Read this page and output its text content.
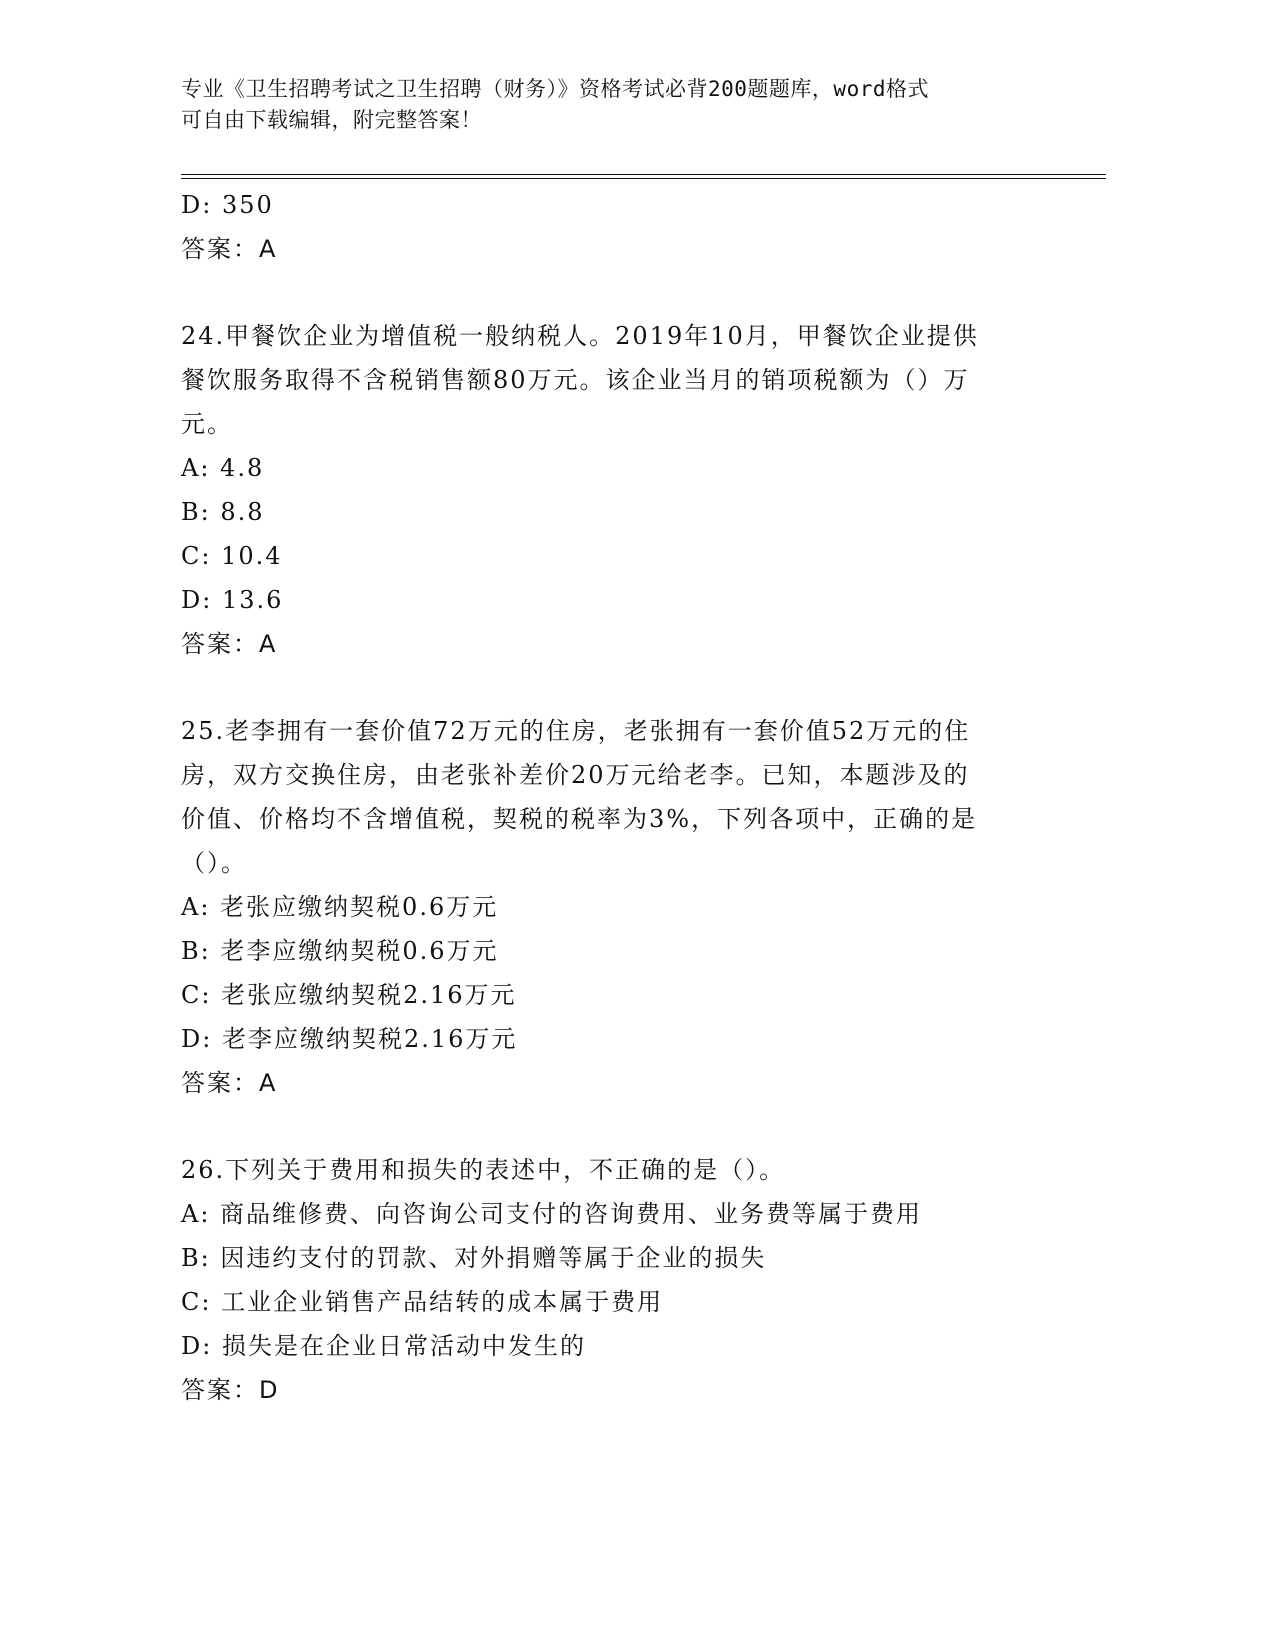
专业《卫生招聘考试之卫生招聘（财务）》资格考试必背200题题库，word格式
可自由下载编辑，附完整答案！
D: 350
答案：A
24.甲餐饮企业为增值税一般纳税人。2019年10月，甲餐饮企业提供
餐饮服务取得不含税销售额80万元。该企业当月的销项税额为（）万
元。
A: 4.8
B: 8.8
C: 10.4
D: 13.6
答案：A
25.老李拥有一套价值72万元的住房，老张拥有一套价值52万元的住
房，双方交换住房，由老张补差价20万元给老李。已知，本题涉及的
价值、价格均不含增值税，契税的税率为3%，下列各项中，正确的是
（）。
A: 老张应缴纳契税0.6万元
B: 老李应缴纳契税0.6万元
C: 老张应缴纳契税2.16万元
D: 老李应缴纳契税2.16万元
答案：A
26.下列关于费用和损失的表述中，不正确的是（）。
A: 商品维修费、向咨询公司支付的咨询费用、业务费等属于费用
B: 因违约支付的罚款、对外捐赠等属于企业的损失
C: 工业企业销售产品结转的成本属于费用
D: 损失是在企业日常活动中发生的
答案：D
